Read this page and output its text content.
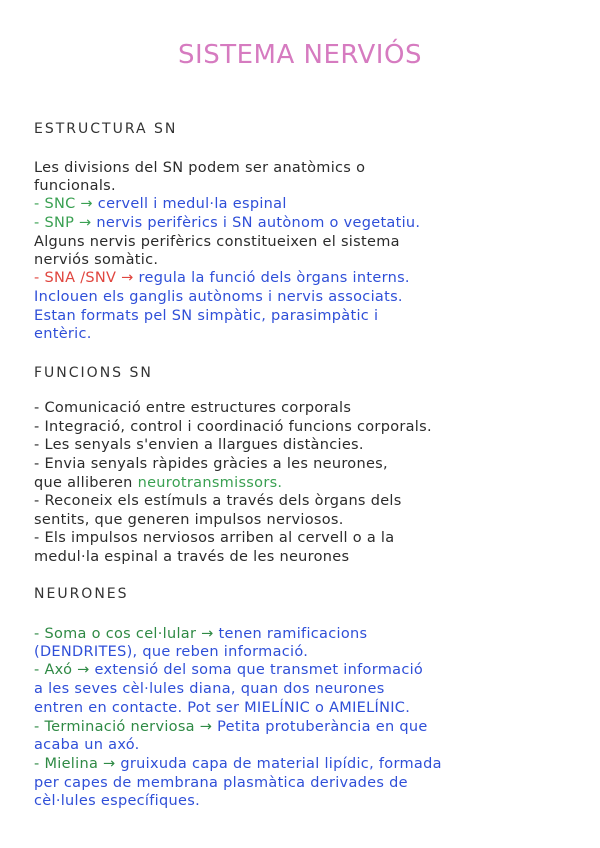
SISTEMA NERVIÓS
ESTRUCTURA SN
Les divisions del SN podem ser anatòmics o
funcionals.
- SNC → cervell i medul·la espinal
- SNP → nervis perifèrics i SN autònom o vegetatiu.
Alguns nervis perifèrics constitueixen el sistema
nerviós somàtic.
- SNA /SNV → regula la funció dels òrgans interns.
Inclouen els ganglis autònoms i nervis associats.
Estan formats pel SN simpàtic, parasimpàtic i
entèric.
FUNCIONS SN
- Comunicació entre estructures corporals
- Integració, control i coordinació funcions corporals.
- Les senyals s'envien a llargues distàncies.
- Envia senyals ràpides gràcies a les neurones,
que alliberen neurotransmissors.
- Reconeix els estímuls a través dels òrgans dels
sentits, que generen impulsos nerviosos.
- Els impulsos nerviosos arriben al cervell o a la
medul·la espinal a través de les neurones
NEURONES
- Soma o cos cel·lular → tenen ramificacions
(DENDRITES), que reben informació.
- Axó → extensió del soma que transmet informació
a les seves cèl·lules diana, quan dos neurones
entren en contacte. Pot ser MIELÍNIC o AMIELÍNIC.
- Terminació nerviosa → Petita protuberància en que
acaba un axó.
- Mielina → gruixuda capa de material lipídic, formada
per capes de membrana plasmàtica derivades de
cèl·lules específiques.
